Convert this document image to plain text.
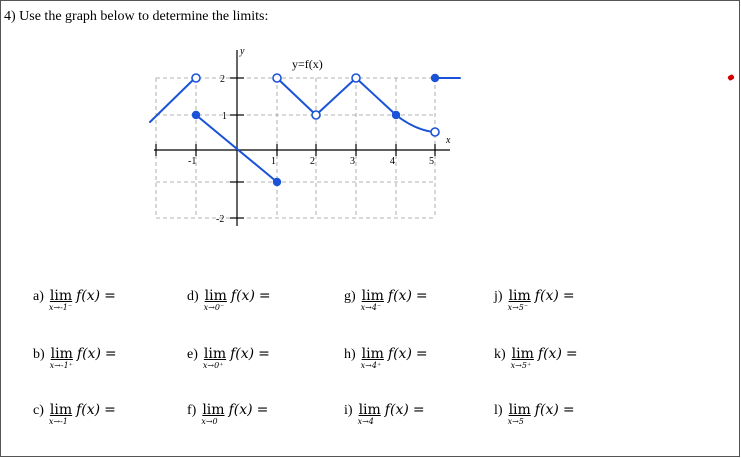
4) Use the graph below to determine the limits:
y
x
y=f(x)
-1	1	2	3	4	5
2
1
-2
a) lim
x→-1⁻
f(x) =
b) lim
x→-1⁺
f(x) =
c) lim
x→-1
f(x) =
d) lim
x→0⁻
f(x) =
e) lim
x→0⁺
f(x) =
f) lim
x→0
f(x) =
g) lim
x→4⁻
f(x) =
h) lim
x→4⁺
f(x) =
i) lim
x→4
f(x) =
j) lim
x→5⁻
f(x) =
k) lim
x→5⁺
f(x) =
l) lim
x→5
f(x) =
